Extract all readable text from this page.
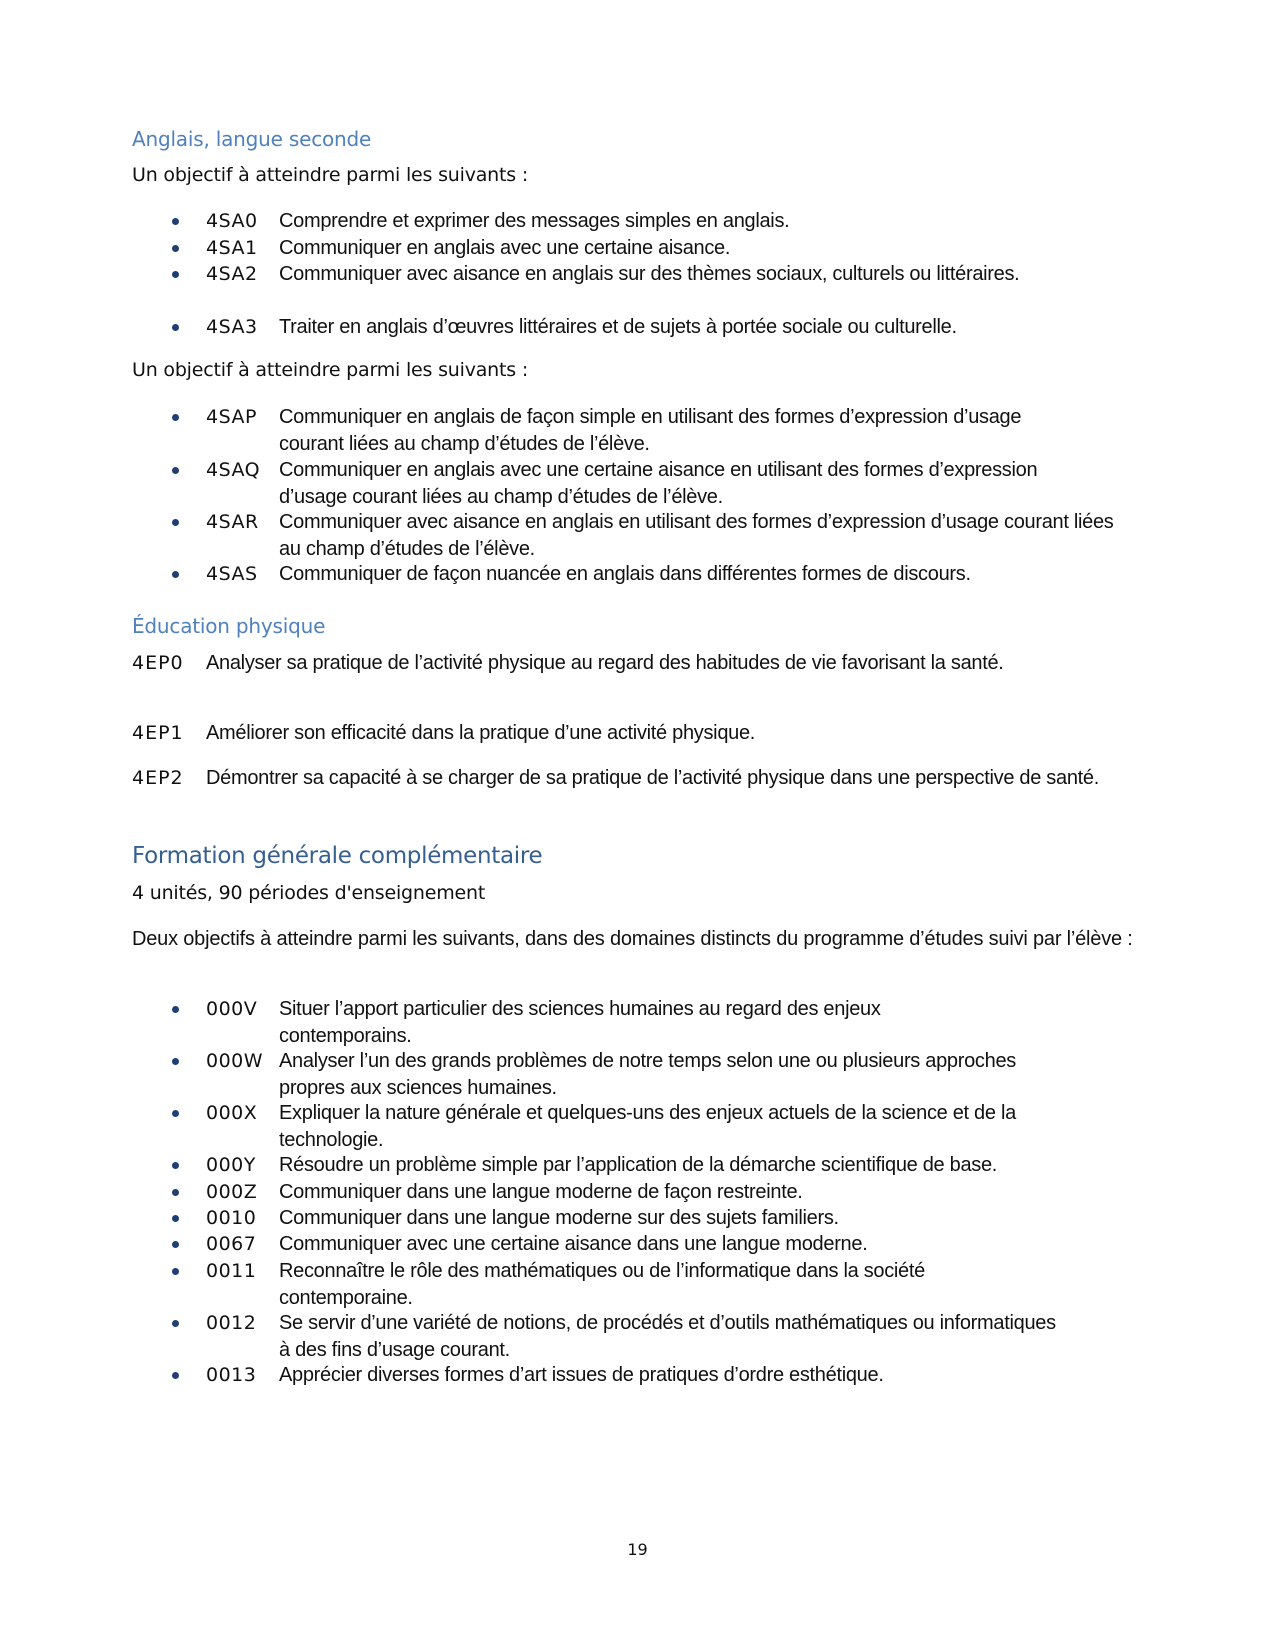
Anglais, langue seconde
Un objectif à atteindre parmi les suivants :
4SA0 Comprendre et exprimer des messages simples en anglais.
4SA1 Communiquer en anglais avec une certaine aisance.
4SA2 Communiquer avec aisance en anglais sur des thèmes sociaux, culturels ou littéraires.
4SA3 Traiter en anglais d’œuvres littéraires et de sujets à portée sociale ou culturelle.
Un objectif à atteindre parmi les suivants :
4SAP Communiquer en anglais de façon simple en utilisant des formes d’expression d’usage courant liées au champ d’études de l’élève.
4SAQ Communiquer en anglais avec une certaine aisance en utilisant des formes d’expression d’usage courant liées au champ d’études de l’élève.
4SAR Communiquer avec aisance en anglais en utilisant des formes d’expression d’usage courant liées au champ d’études de l’élève.
4SAS Communiquer de façon nuancée en anglais dans différentes formes de discours.
Éducation physique
4EP0 Analyser sa pratique de l’activité physique au regard des habitudes de vie favorisant la santé.
4EP1 Améliorer son efficacité dans la pratique d’une activité physique.
4EP2 Démontrer sa capacité à se charger de sa pratique de l’activité physique dans une perspective de santé.
Formation générale complémentaire
4 unités, 90 périodes d'enseignement
Deux objectifs à atteindre parmi les suivants, dans des domaines distincts du programme d’études suivi par l’élève :
000V Situer l’apport particulier des sciences humaines au regard des enjeux contemporains.
000W Analyser l’un des grands problèmes de notre temps selon une ou plusieurs approches propres aux sciences humaines.
000X Expliquer la nature générale et quelques-uns des enjeux actuels de la science et de la technologie.
000Y Résoudre un problème simple par l’application de la démarche scientifique de base.
000Z Communiquer dans une langue moderne de façon restreinte.
0010 Communiquer dans une langue moderne sur des sujets familiers.
0067 Communiquer avec une certaine aisance dans une langue moderne.
0011 Reconnaître le rôle des mathématiques ou de l’informatique dans la société contemporaine.
0012 Se servir d’une variété de notions, de procédés et d’outils mathématiques ou informatiques à des fins d’usage courant.
0013 Apprécier diverses formes d’art issues de pratiques d’ordre esthétique.
19
